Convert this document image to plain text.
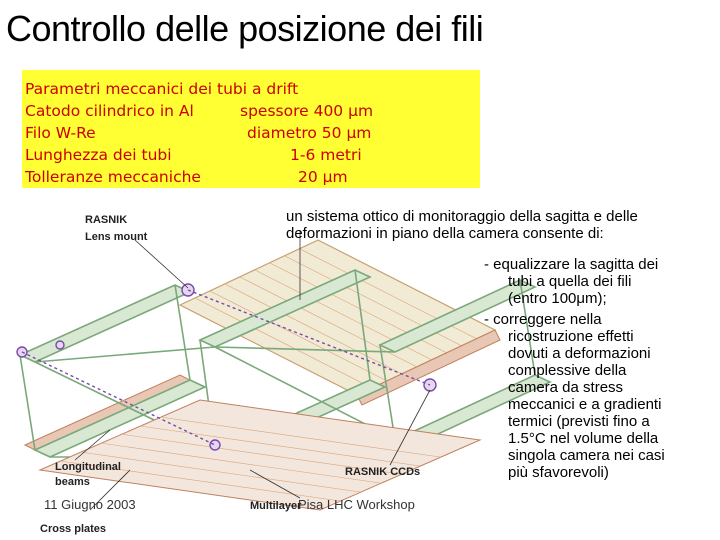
Controllo delle posizione dei fili
Parametri meccanici dei tubi a drift
Catodo cilindrico in Al	spessore 400 μm
Filo W-Re	diametro 50 μm
Lunghezza dei tubi	1-6 metri
Tolleranze meccaniche	20 μm
RASNIK
Lens mount
Longitudinal
beams
RASNIK CCDs
Multilayer
Cross plates
un sistema ottico di monitoraggio della sagitta e delle deformazioni in piano della camera consente di:
- equalizzare la sagitta dei
tubi a quella dei fili
(entro 100μm);
- correggere nella
ricostruzione effetti
dovuti a deformazioni
complessive della
camera da stress
meccanici e a gradienti
termici (previsti fino a
1.5°C nel volume della
singola camera nei casi
più sfavorevoli)
11 Giugno 2003	Pisa LHC Workshop
